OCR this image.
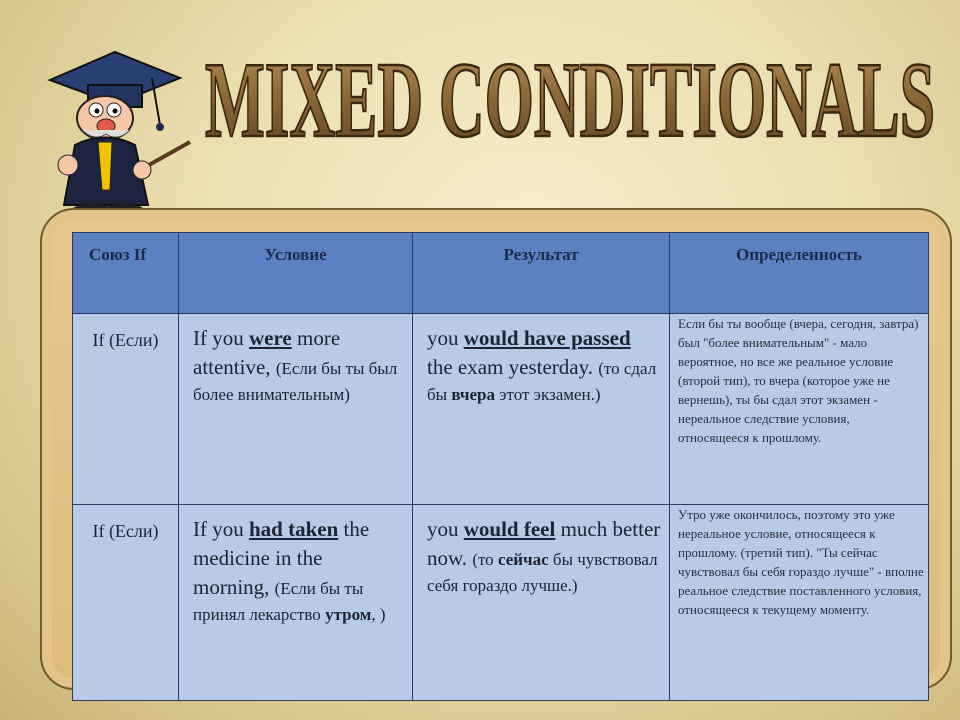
MIXED CONDITIONALS
Союз If	Условие	Результат	Определенность
If (Если)	If you were more attentive, (Если бы ты был более внимательным)	you would have passed the exam yesterday. (то сдал бы вчера этот экзамен.)	Если бы ты вообще (вчера, сегодня, завтра) был "более внимательным" - мало вероятное, но все же реальное условие (второй тип), то вчера (которое уже не вернешь), ты бы сдал этот экзамен - нереальное следствие условия, относящееся к прошлому.
If (Если)	If you had taken the medicine in the morning, (Если бы ты принял лекарство утром, )	you would feel much better now. (то сейчас бы чувствовал себя гораздо лучше.)	Утро уже окончилось, поэтому это уже нереальное условие, относящееся к прошлому. (третий тип). "Ты сейчас чувствовал бы себя гораздо лучше" - вполне реальное следствие поставленного условия, относящееся к текущему моменту.
